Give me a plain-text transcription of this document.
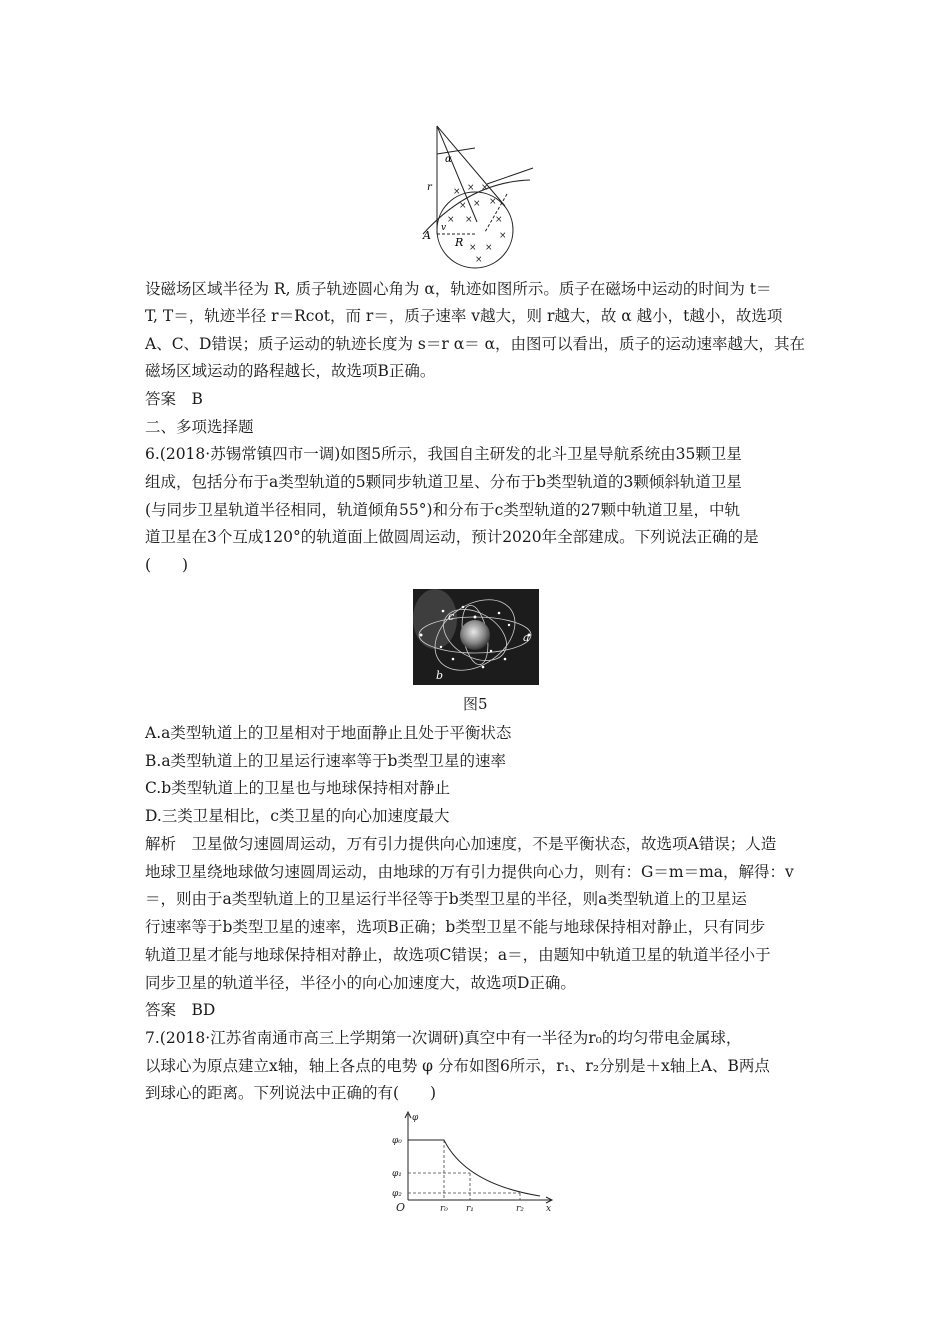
× × ×
× × ×
× × ×
× ×
×
×
α
r
A
R
v
设磁场区域半径为 R, 质子轨迹圆心角为 α，轨迹如图所示。质子在磁场中运动的时间为 t＝
T, T＝，轨迹半径 r＝Rcot，而 r＝，质子速率 v越大，则 r越大，故 α 越小，t越小，故选项
A、C、D错误；质子运动的轨迹长度为 s＝r α＝ α，由图可以看出，质子的运动速率越大，其在
磁场区域运动的路程越长，故选项B正确。
答案　B
二、多项选择题
6.(2018·苏锡常镇四市一调)如图5所示，我国自主研发的北斗卫星导航系统由35颗卫星
组成，包括分布于a类型轨道的5颗同步轨道卫星、分布于b类型轨道的3颗倾斜轨道卫星
(与同步卫星轨道半径相同，轨道倾角55°)和分布于c类型轨道的27颗中轨道卫星，中轨
道卫星在3个互成120°的轨道面上做圆周运动，预计2020年全部建成。下列说法正确的是
(　　)
c
a
b
图5
A.a类型轨道上的卫星相对于地面静止且处于平衡状态
B.a类型轨道上的卫星运行速率等于b类型卫星的速率
C.b类型轨道上的卫星也与地球保持相对静止
D.三类卫星相比，c类卫星的向心加速度最大
解析　卫星做匀速圆周运动，万有引力提供向心加速度，不是平衡状态，故选项A错误；人造
地球卫星绕地球做匀速圆周运动，由地球的万有引力提供向心力，则有：G＝m＝ma，解得：v
＝，则由于a类型轨道上的卫星运行半径等于b类型卫星的半径，则a类型轨道上的卫星运
行速率等于b类型卫星的速率，选项B正确；b类型卫星不能与地球保持相对静止，只有同步
轨道卫星才能与地球保持相对静止，故选项C错误；a＝，由题知中轨道卫星的轨道半径小于
同步卫星的轨道半径，半径小的向心加速度大，故选项D正确。
答案　BD
7.(2018·江苏省南通市高三上学期第一次调研)真空中有一半径为r₀的均匀带电金属球，
以球心为原点建立x轴，轴上各点的电势 φ 分布如图6所示，r₁、r₂分别是＋x轴上A、B两点
到球心的距离。下列说法中正确的有(　　)
φ
φ₀
φ₁
φ₂
O	r₀ r₁	r₂ x
